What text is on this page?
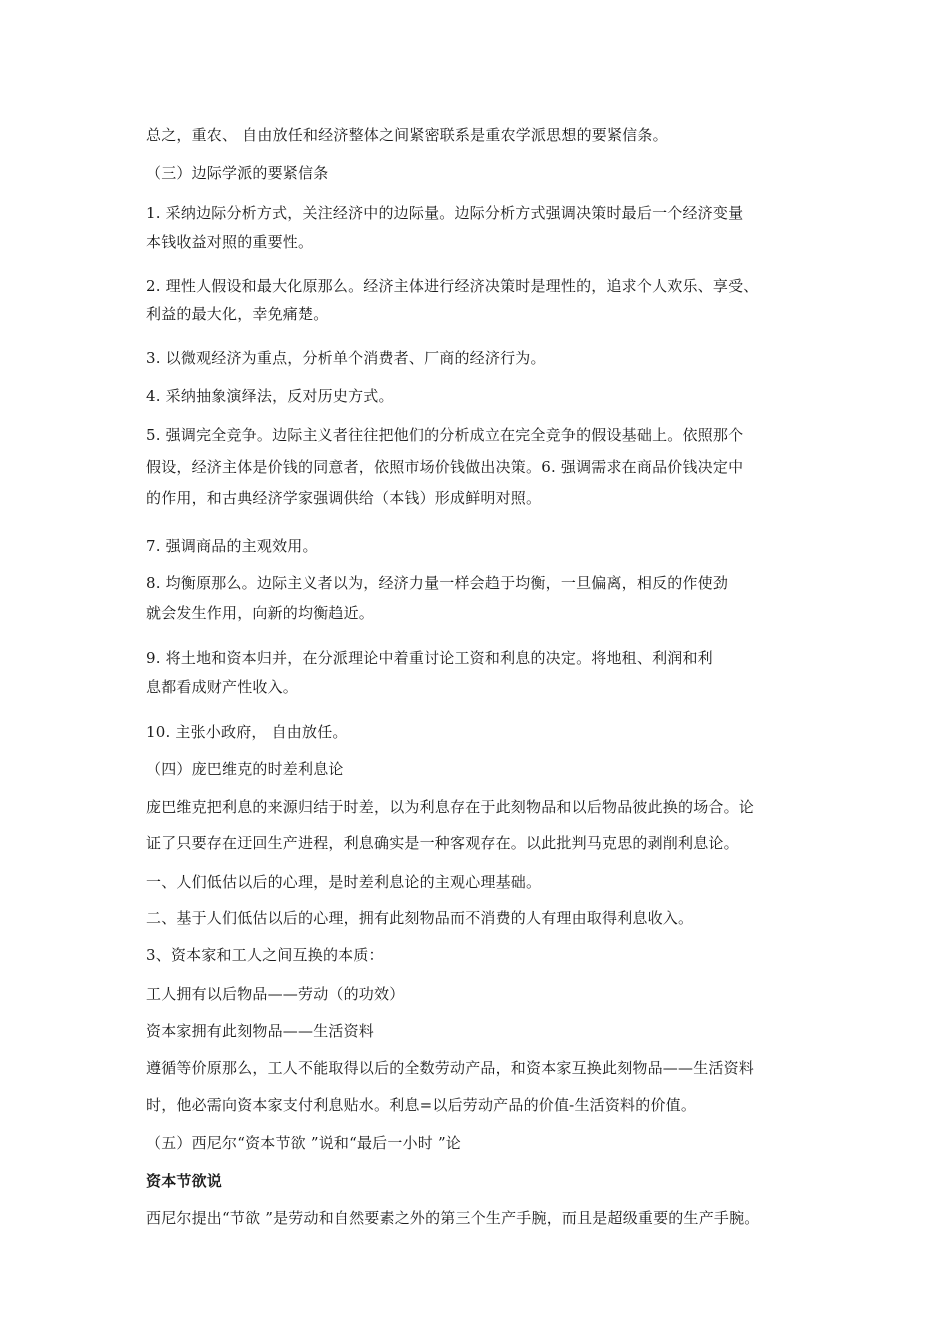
总之，重农、 自由放任和经济整体之间紧密联系是重农学派思想的要紧信条。
（三）边际学派的要紧信条
1. 采纳边际分析方式，关注经济中的边际量。边际分析方式强调决策时最后一个经济变量
本钱收益对照的重要性。
2. 理性人假设和最大化原那么。经济主体进行经济决策时是理性的，追求个人欢乐、享受、
利益的最大化，幸免痛楚。
3. 以微观经济为重点，分析单个消费者、厂商的经济行为。
4. 采纳抽象演绎法，反对历史方式。
5. 强调完全竞争。边际主义者往往把他们的分析成立在完全竞争的假设基础上。依照那个
假设，经济主体是价钱的同意者，依照市场价钱做出决策。6. 强调需求在商品价钱决定中
的作用，和古典经济学家强调供给（本钱）形成鲜明对照。
7. 强调商品的主观效用。
8. 均衡原那么。边际主义者以为，经济力量一样会趋于均衡，一旦偏离，相反的作使劲
就会发生作用，向新的均衡趋近。
9. 将土地和资本归并，在分派理论中着重讨论工资和利息的决定。将地租、利润和利
息都看成财产性收入。
10. 主张小政府， 自由放任。
（四）庞巴维克的时差利息论
庞巴维克把利息的来源归结于时差，以为利息存在于此刻物品和以后物品彼此换的场合。论
证了只要存在迂回生产进程，利息确实是一种客观存在。以此批判马克思的剥削利息论。
一、人们低估以后的心理，是时差利息论的主观心理基础。
二、基于人们低估以后的心理，拥有此刻物品而不消费的人有理由取得利息收入。
3、资本家和工人之间互换的本质：
工人拥有以后物品——劳动（的功效）
资本家拥有此刻物品——生活资料
遵循等价原那么，工人不能取得以后的全数劳动产品，和资本家互换此刻物品——生活资料
时，他必需向资本家支付利息贴水。利息=以后劳动产品的价值-生活资料的价值。
（五）西尼尔“资本节欲 ”说和“最后一小时 ”论
资本节欲说
西尼尔提出“节欲 ”是劳动和自然要素之外的第三个生产手腕，而且是超级重要的生产手腕。
